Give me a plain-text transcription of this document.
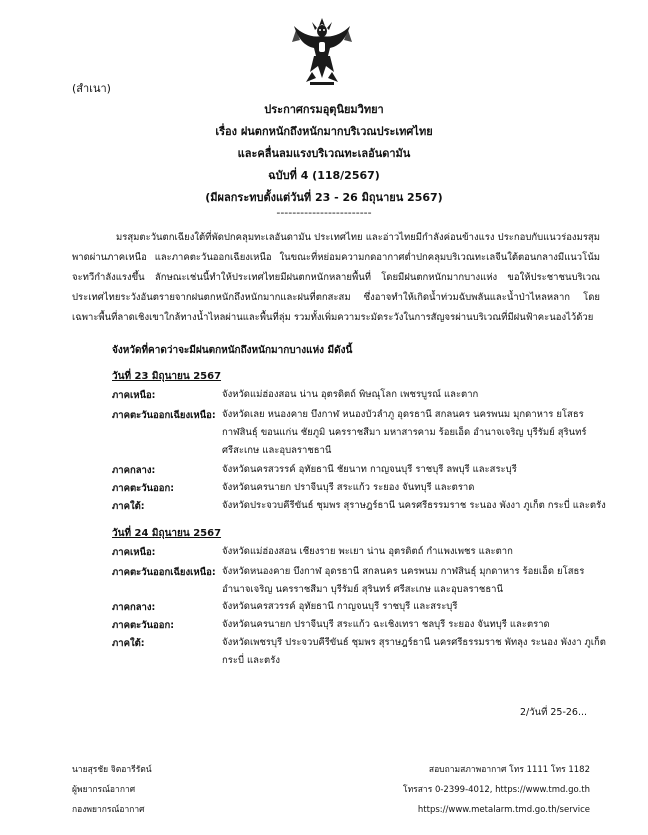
(สำเนา)
ประกาศกรมอุตุนิยมวิทยา
เรื่อง ฝนตกหนักถึงหนักมากบริเวณประเทศไทย
และคลื่นลมแรงบริเวณทะเลอันดามัน
ฉบับที่ 4 (118/2567)
(มีผลกระทบตั้งแต่วันที่ 23 - 26 มิถุนายน 2567)
------------------------
มรสุมตะวันตกเฉียงใต้ที่พัดปกคลุมทะเลอันดามัน ประเทศไทย และอ่าวไทยมีกำลังค่อนข้างแรง ประกอบกับแนวร่องมรสุมพาดผ่านภาคเหนือ และภาคตะวันออกเฉียงเหนือ ในขณะที่หย่อมความกดอากาศต่ำปกคลุมบริเวณทะเลจีนใต้ตอนกลางมีแนวโน้มจะทวีกำลังแรงขึ้น ลักษณะเช่นนี้ทำให้ประเทศไทยมีฝนตกหนักหลายพื้นที่ โดยมีฝนตกหนักมากบางแห่ง ขอให้ประชาชนบริเวณประเทศไทยระวังอันตรายจากฝนตกหนักถึงหนักมากและฝนที่ตกสะสม ซึ่งอาจทำให้เกิดน้ำท่วมฉับพลันและน้ำป่าไหลหลาก โดยเฉพาะพื้นที่ลาดเชิงเขาใกล้ทางน้ำไหลผ่านและพื้นที่ลุ่ม รวมทั้งเพิ่มความระมัดระวังในการสัญจรผ่านบริเวณที่มีฝนฟ้าคะนองไว้ด้วย
จังหวัดที่คาดว่าจะมีฝนตกหนักถึงหนักมากบางแห่ง มีดังนี้
วันที่ 23 มิถุนายน 2567
ภาคเหนือ:	จังหวัดแม่ฮ่องสอน น่าน อุตรดิตถ์ พิษณุโลก เพชรบูรณ์ และตาก
ภาคตะวันออกเฉียงเหนือ: จังหวัดเลย หนองคาย บึงกาฬ หนองบัวลำภู อุดรธานี สกลนคร นครพนม มุกดาหาร ยโสธร กาฬสินธุ์ ขอนแก่น ชัยภูมิ นครราชสีมา มหาสารคาม ร้อยเอ็ด อำนาจเจริญ บุรีรัมย์ สุรินทร์ ศรีสะเกษ และอุบลราชธานี
ภาคกลาง:	จังหวัดนครสวรรค์ อุทัยธานี ชัยนาท กาญจนบุรี ราชบุรี ลพบุรี และสระบุรี
ภาคตะวันออก:	จังหวัดนครนายก ปราจีนบุรี สระแก้ว ระยอง จันทบุรี และตราด
ภาคใต้:	จังหวัดประจวบคีรีขันธ์ ชุมพร สุราษฎร์ธานี นครศรีธรรมราช ระนอง พังงา ภูเก็ต กระบี่ และตรัง
วันที่ 24 มิถุนายน 2567
ภาคเหนือ:	จังหวัดแม่ฮ่องสอน เชียงราย พะเยา น่าน อุตรดิตถ์ กำแพงเพชร และตาก
ภาคตะวันออกเฉียงเหนือ: จังหวัดหนองคาย บึงกาฬ อุดรธานี สกลนคร นครพนม กาฬสินธุ์ มุกดาหาร ร้อยเอ็ด ยโสธร อำนาจเจริญ นครราชสีมา บุรีรัมย์ สุรินทร์ ศรีสะเกษ และอุบลราชธานี
ภาคกลาง:	จังหวัดนครสวรรค์ อุทัยธานี กาญจนบุรี ราชบุรี และสระบุรี
ภาคตะวันออก:	จังหวัดนครนายก ปราจีนบุรี สระแก้ว ฉะเชิงเทรา ชลบุรี ระยอง จันทบุรี และตราด
ภาคใต้:	จังหวัดเพชรบุรี ประจวบคีรีขันธ์ ชุมพร สุราษฎร์ธานี นครศรีธรรมราช พัทลุง ระนอง พังงา ภูเก็ต กระบี่ และตรัง
2/วันที่ 25-26...
นายสุรชัย จิตอารีรัตน์
ผู้พยากรณ์อากาศ
กองพยากรณ์อากาศ
สอบถามสภาพอากาศ โทร 1111 โทร 1182
โทรสาร 0-2399-4012, https://www.tmd.go.th
https://www.metalarm.tmd.go.th/service
